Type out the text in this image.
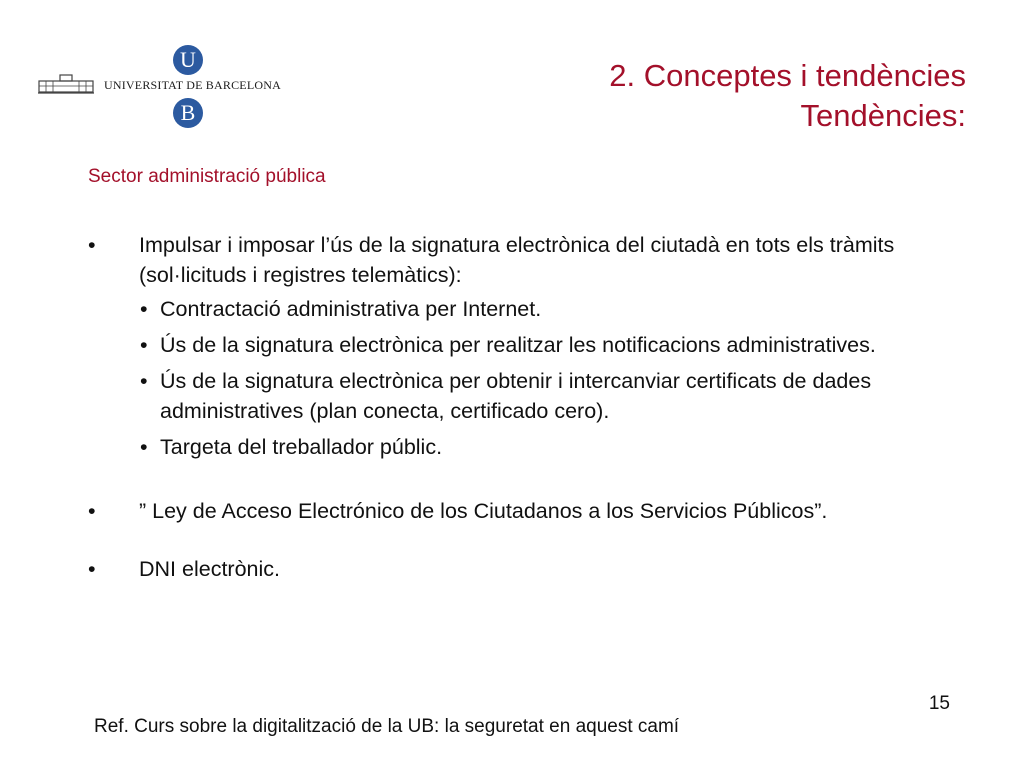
U
UNIVERSITAT DE BARCELONA
B
2. Conceptes i tendències
Tendències:
Sector administració pública
• Impulsar i imposar l’ús de la signatura electrònica del ciutadà en tots els tràmits (sol·licituds i registres telemàtics):
• Contractació administrativa per Internet.
• Ús de la signatura electrònica per realitzar les notificacions administratives.
• Ús de la signatura electrònica per obtenir i intercanviar certificats de dades administratives (plan conecta, certificado cero).
• Targeta del treballador públic.
• ” Ley de Acceso Electrónico de los Ciutadanos a los Servicios Públicos”.
• DNI electrònic.
15
Ref. Curs sobre la digitalització de la UB: la seguretat en aquest camí
